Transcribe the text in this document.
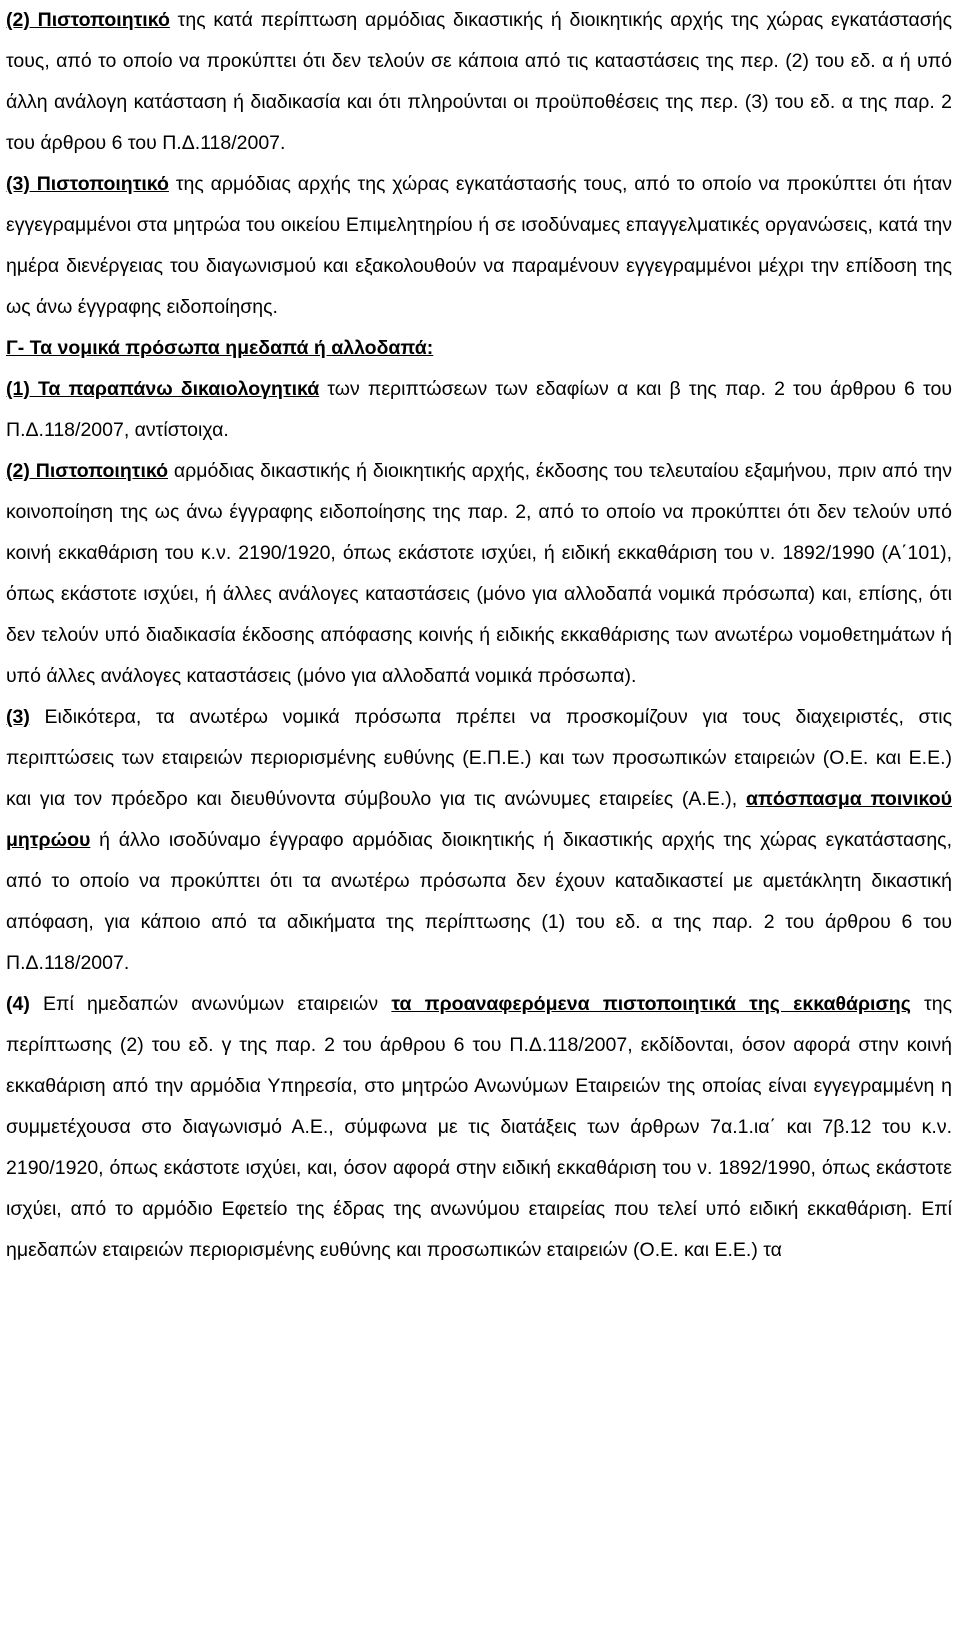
(2) Πιστοποιητικό της κατά περίπτωση αρμόδιας δικαστικής ή διοικητικής αρχής της χώρας εγκατάστασής τους, από το οποίο να προκύπτει ότι δεν τελούν σε κάποια από τις καταστάσεις της περ. (2) του εδ. α ή υπό άλλη ανάλογη κατάσταση ή διαδικασία και ότι πληρούνται οι προϋποθέσεις της περ. (3) του εδ. α της παρ. 2 του άρθρου 6 του Π.Δ.118/2007.

(3) Πιστοποιητικό της αρμόδιας αρχής της χώρας εγκατάστασής τους, από το οποίο να προκύπτει ότι ήταν εγγεγραμμένοι στα μητρώα του οικείου Επιμελητηρίου ή σε ισοδύναμες επαγγελματικές οργανώσεις, κατά την ημέρα διενέργειας του διαγωνισμού και εξακολουθούν να παραμένουν εγγεγραμμένοι μέχρι την επίδοση της ως άνω έγγραφης ειδοποίησης.

Γ- Τα νομικά πρόσωπα ημεδαπά ή αλλοδαπά:

(1) Τα παραπάνω δικαιολογητικά των περιπτώσεων των εδαφίων α και β της παρ. 2 του άρθρου 6 του Π.Δ.118/2007, αντίστοιχα.

(2) Πιστοποιητικό αρμόδιας δικαστικής ή διοικητικής αρχής, έκδοσης του τελευταίου εξαμήνου, πριν από την κοινοποίηση της ως άνω έγγραφης ειδοποίησης της παρ. 2, από το οποίο να προκύπτει ότι δεν τελούν υπό κοινή εκκαθάριση του κ.ν. 2190/1920, όπως εκάστοτε ισχύει, ή ειδική εκκαθάριση του ν. 1892/1990 (Α΄101), όπως εκάστοτε ισχύει, ή άλλες ανάλογες καταστάσεις (μόνο για αλλοδαπά νομικά πρόσωπα) και, επίσης, ότι δεν τελούν υπό διαδικασία έκδοσης απόφασης κοινής ή ειδικής εκκαθάρισης των ανωτέρω νομοθετημάτων ή υπό άλλες ανάλογες καταστάσεις (μόνο για αλλοδαπά νομικά πρόσωπα).

(3) Ειδικότερα, τα ανωτέρω νομικά πρόσωπα πρέπει να προσκομίζουν για τους διαχειριστές, στις περιπτώσεις των εταιρειών περιορισμένης ευθύνης (Ε.Π.Ε.) και των προσωπικών εταιρειών (Ο.Ε. και Ε.Ε.) και για τον πρόεδρο και διευθύνοντα σύμβουλο για τις ανώνυμες εταιρείες (Α.Ε.), απόσπασμα ποινικού μητρώου ή άλλο ισοδύναμο έγγραφο αρμόδιας διοικητικής ή δικαστικής αρχής της χώρας εγκατάστασης, από το οποίο να προκύπτει ότι τα ανωτέρω πρόσωπα δεν έχουν καταδικαστεί με αμετάκλητη δικαστική απόφαση, για κάποιο από τα αδικήματα της περίπτωσης (1) του εδ. α της παρ. 2 του άρθρου 6 του Π.Δ.118/2007.

(4) Επί ημεδαπών ανωνύμων εταιρειών τα προαναφερόμενα πιστοποιητικά της εκκαθάρισης της περίπτωσης (2) του εδ. γ της παρ. 2 του άρθρου 6 του Π.Δ.118/2007, εκδίδονται, όσον αφορά στην κοινή εκκαθάριση από την αρμόδια Υπηρεσία, στο μητρώο Ανωνύμων Εταιρειών της οποίας είναι εγγεγραμμένη η συμμετέχουσα στο διαγωνισμό Α.Ε., σύμφωνα με τις διατάξεις των άρθρων 7α.1.ια΄ και 7β.12 του κ.ν. 2190/1920, όπως εκάστοτε ισχύει, και, όσον αφορά στην ειδική εκκαθάριση του ν. 1892/1990, όπως εκάστοτε ισχύει, από το αρμόδιο Εφετείο της έδρας της ανωνύμου εταιρείας που τελεί υπό ειδική εκκαθάριση. Επί ημεδαπών εταιρειών περιορισμένης ευθύνης και προσωπικών εταιρειών (Ο.Ε. και Ε.Ε.) τα
